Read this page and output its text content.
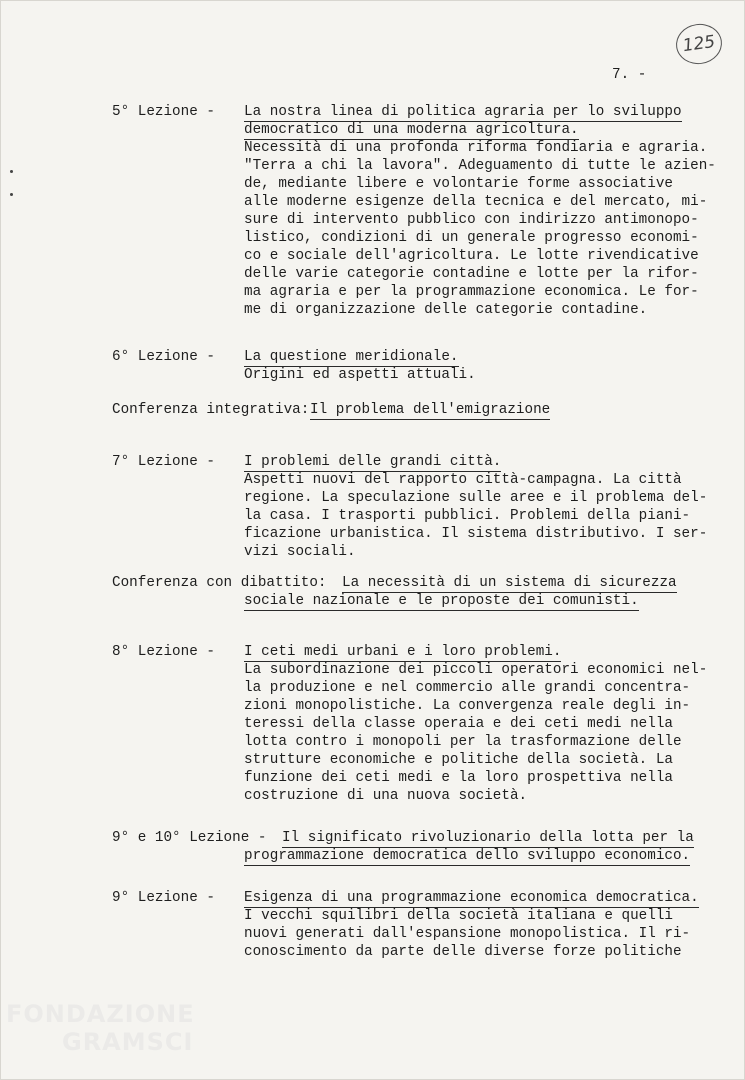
125
7. -
5° Lezione - La nostra linea di politica agraria per lo sviluppo
democratico di una moderna agricoltura.
Necessità di una profonda riforma fondiaria e agraria.
"Terra a chi la lavora". Adeguamento di tutte le azien-
de, mediante libere e volontarie forme associative
alle moderne esigenze della tecnica e del mercato, mi-
sure di intervento pubblico con indirizzo antimonopo-
listico, condizioni di un generale progresso economi-
co e sociale dell'agricoltura. Le lotte rivendicative
delle varie categorie contadine e lotte per la rifor-
ma agraria e per la programmazione economica. Le for-
me di organizzazione delle categorie contadine.
6° Lezione - La questione meridionale.
Origini ed aspetti attuali.
Conferenza integrativa: Il problema dell'emigrazione
7° Lezione - I problemi delle grandi città.
Aspetti nuovi del rapporto città-campagna. La città
regione. La speculazione sulle aree e il problema del-
la casa. I trasporti pubblici. Problemi della piani-
ficazione urbanistica. Il sistema distributivo. I ser-
vizi sociali.
Conferenza con dibattito: La necessità di un sistema di sicurezza
sociale nazionale e le proposte dei comunisti.
8° Lezione - I ceti medi urbani e i loro problemi.
La subordinazione dei piccoli operatori economici nel-
la produzione e nel commercio alle grandi concentra-
zioni monopolistiche. La convergenza reale degli in-
teressi della classe operaia e dei ceti medi nella
lotta contro i monopoli per la trasformazione delle
strutture economiche e politiche della società. La
funzione dei ceti medi e la loro prospettiva nella
costruzione di una nuova società.
9° e 10° Lezione - Il significato rivoluzionario della lotta per la
programmazione democratica dello sviluppo economico.
9° Lezione - Esigenza di una programmazione economica democratica.
I vecchi squilibri della società italiana e quelli
nuovi generati dall'espansione monopolistica. Il ri-
conoscimento da parte delle diverse forze politiche
FONDAZIONE
GRAMSCI
